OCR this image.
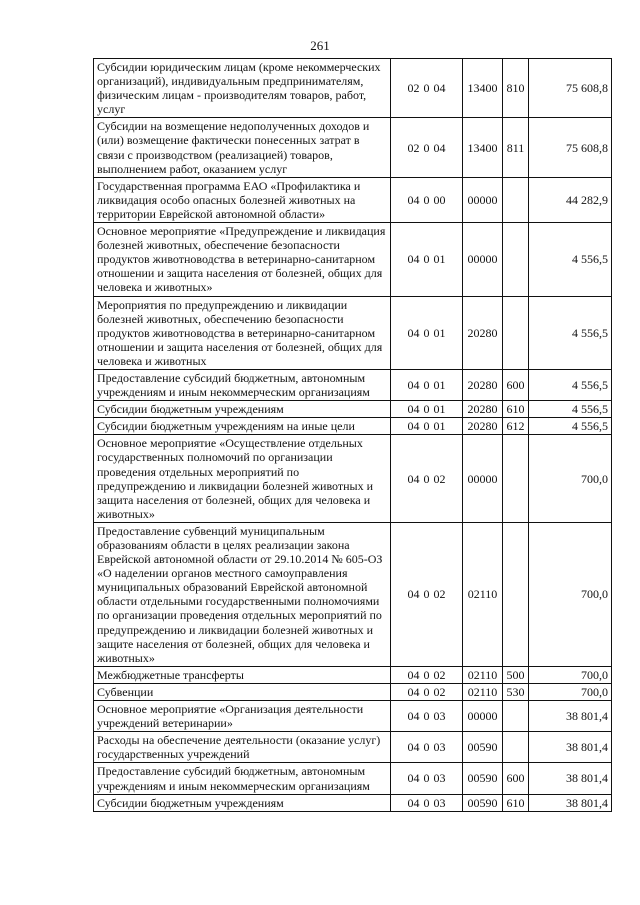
261
Субсидии юридическим лицам (кроме некоммерческих организаций), индивидуальным предпринимателям, физическим лицам - производителям товаров, работ, услуг	02 0 04	13400	810	75 608,8
Субсидии на возмещение недополученных доходов и (или) возмещение фактически понесенных затрат в связи с производством (реализацией) товаров, выполнением работ, оказанием услуг	02 0 04	13400	811	75 608,8
Государственная программа ЕАО «Профилактика и ликвидация особо опасных болезней животных на территории Еврейской автономной области»	04 0 00	00000		44 282,9
Основное мероприятие «Предупреждение и ликвидация болезней животных, обеспечение безопасности продуктов животноводства в ветеринарно-санитарном отношении и защита населения от болезней, общих для человека и животных»	04 0 01	00000		4 556,5
Мероприятия по предупреждению и ликвидации болезней животных, обеспечению безопасности продуктов животноводства в ветеринарно-санитарном отношении и защита населения от болезней, общих для человека и животных	04 0 01	20280		4 556,5
Предоставление субсидий бюджетным, автономным учреждениям и иным некоммерческим организациям	04 0 01	20280	600	4 556,5
Субсидии бюджетным учреждениям	04 0 01	20280	610	4 556,5
Субсидии бюджетным учреждениям на иные цели	04 0 01	20280	612	4 556,5
Основное мероприятие «Осуществление отдельных государственных полномочий по организации проведения отдельных мероприятий по предупреждению и ликвидации болезней животных и защита населения от болезней, общих для человека и животных»	04 0 02	00000		700,0
Предоставление субвенций муниципальным образованиям области в целях реализации закона Еврейской автономной области от 29.10.2014 № 605-ОЗ «О наделении органов местного самоуправления муниципальных образований Еврейской автономной области отдельными государственными полномочиями по организации проведения отдельных мероприятий по предупреждению и ликвидации болезней животных и защите населения от болезней, общих для человека и животных»	04 0 02	02110		700,0
Межбюджетные трансферты	04 0 02	02110	500	700,0
Субвенции	04 0 02	02110	530	700,0
Основное мероприятие «Организация деятельности учреждений ветеринарии»	04 0 03	00000		38 801,4
Расходы на обеспечение деятельности (оказание услуг) государственных учреждений	04 0 03	00590		38 801,4
Предоставление субсидий бюджетным, автономным учреждениям и иным некоммерческим организациям	04 0 03	00590	600	38 801,4
Субсидии бюджетным учреждениям	04 0 03	00590	610	38 801,4
